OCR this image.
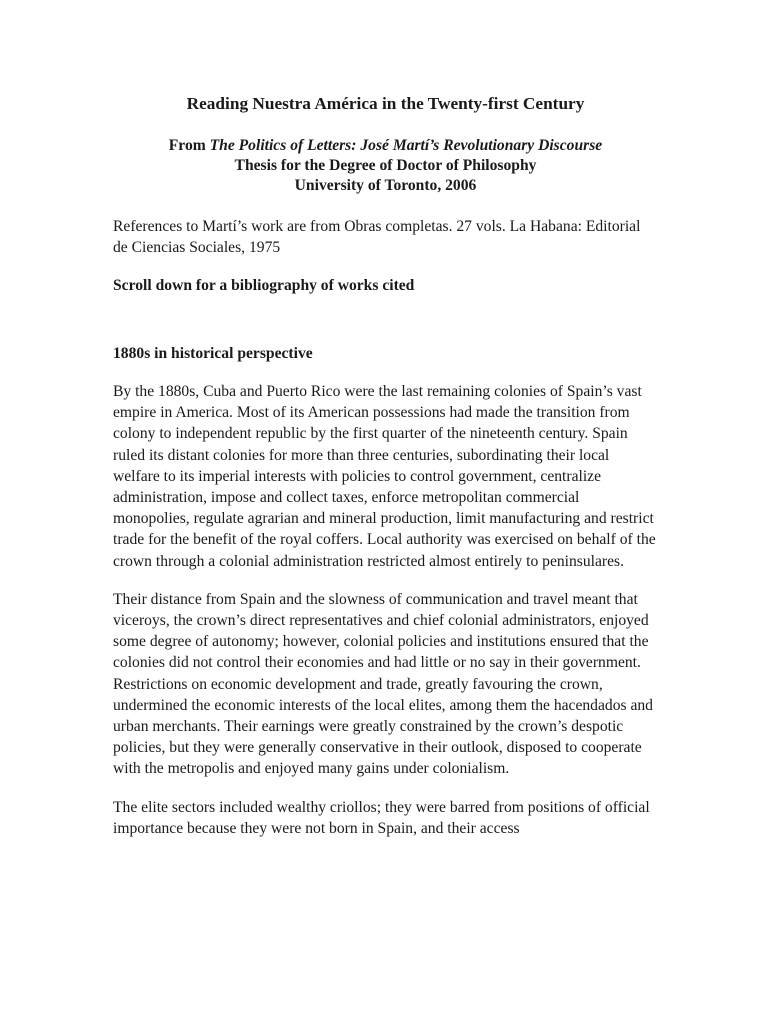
Reading Nuestra América in the Twenty-first Century

From The Politics of Letters: José Martí’s Revolutionary Discourse

Thesis for the Degree of Doctor of Philosophy

University of Toronto, 2006

References to Martí’s work are from Obras completas. 27 vols. La Habana: Editorial de Ciencias Sociales, 1975

Scroll down for a bibliography of works cited

1880s in historical perspective

By the 1880s, Cuba and Puerto Rico were the last remaining colonies of Spain’s vast empire in America. Most of its American possessions had made the transition from colony to independent republic by the first quarter of the nineteenth century. Spain ruled its distant colonies for more than three centuries, subordinating their local welfare to its imperial interests with policies to control government, centralize administration, impose and collect taxes, enforce metropolitan commercial monopolies, regulate agrarian and mineral production, limit manufacturing and restrict trade for the benefit of the royal coffers. Local authority was exercised on behalf of the crown through a colonial administration restricted almost entirely to peninsulares.

Their distance from Spain and the slowness of communication and travel meant that viceroys, the crown’s direct representatives and chief colonial administrators, enjoyed some degree of autonomy; however, colonial policies and institutions ensured that the colonies did not control their economies and had little or no say in their government. Restrictions on economic development and trade, greatly favouring the crown, undermined the economic interests of the local elites, among them the hacendados and urban merchants. Their earnings were greatly constrained by the crown’s despotic policies, but they were generally conservative in their outlook, disposed to cooperate with the metropolis and enjoyed many gains under colonialism.

The elite sectors included wealthy criollos; they were barred from positions of official importance because they were not born in Spain, and their access
